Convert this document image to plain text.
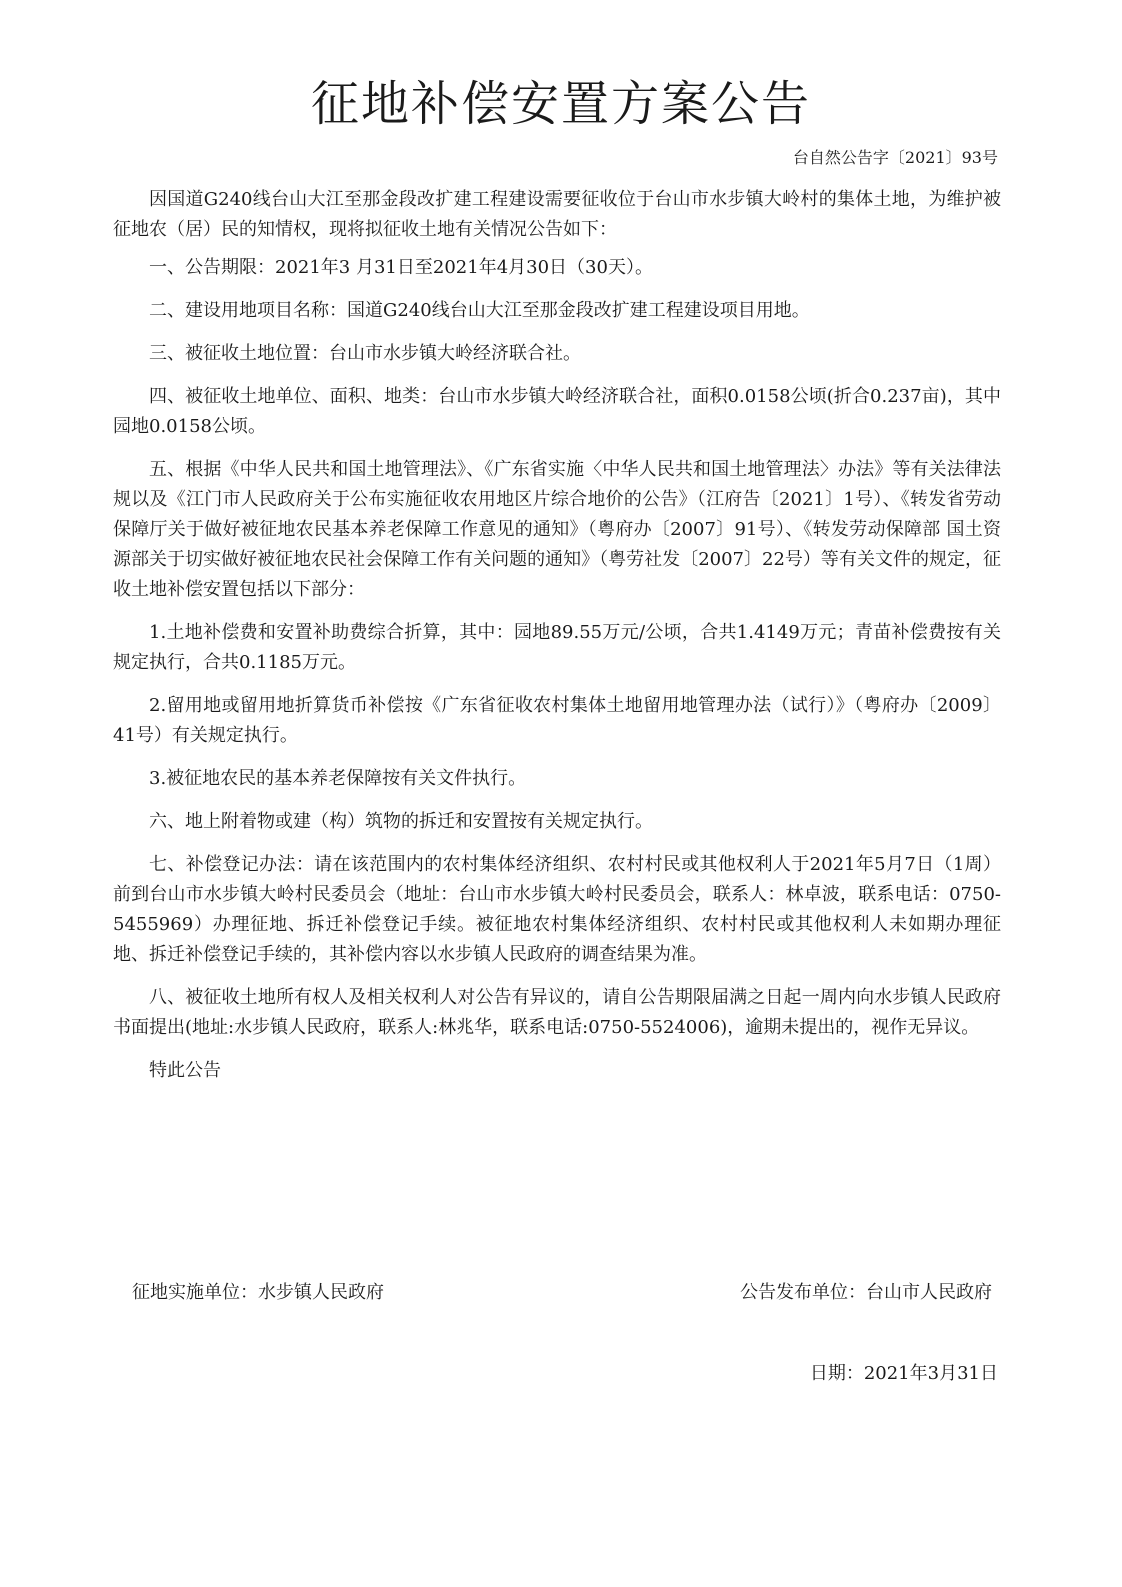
征地补偿安置方案公告
台自然公告字〔2021〕93号

因国道G240线台山大江至那金段改扩建工程建设需要征收位于台山市水步镇大岭村的集体土地，为维护被征地农（居）民的知情权，现将拟征收土地有关情况公告如下：

一、公告期限：2021年3 月31日至2021年4月30日（30天）。

二、建设用地项目名称：国道G240线台山大江至那金段改扩建工程建设项目用地。

三、被征收土地位置：台山市水步镇大岭经济联合社。

四、被征收土地单位、面积、地类：台山市水步镇大岭经济联合社，面积0.0158公顷(折合0.237亩)，其中园地0.0158公顷。

五、根据《中华人民共和国土地管理法》、《广东省实施〈中华人民共和国土地管理法〉办法》等有关法律法规以及《江门市人民政府关于公布实施征收农用地区片综合地价的公告》（江府告〔2021〕1号）、《转发省劳动保障厅关于做好被征地农民基本养老保障工作意见的通知》（粤府办〔2007〕91号）、《转发劳动保障部 国土资源部关于切实做好被征地农民社会保障工作有关问题的通知》（粤劳社发〔2007〕22号）等有关文件的规定，征收土地补偿安置包括以下部分：

1.土地补偿费和安置补助费综合折算，其中：园地89.55万元/公顷，合共1.4149万元；青苗补偿费按有关规定执行，合共0.1185万元。

2.留用地或留用地折算货币补偿按《广东省征收农村集体土地留用地管理办法（试行）》（粤府办〔2009〕41号）有关规定执行。

3.被征地农民的基本养老保障按有关文件执行。

六、地上附着物或建（构）筑物的拆迁和安置按有关规定执行。

七、补偿登记办法：请在该范围内的农村集体经济组织、农村村民或其他权利人于2021年5月7日（1周）前到台山市水步镇大岭村民委员会（地址：台山市水步镇大岭村民委员会，联系人：林卓波，联系电话：0750-5455969）办理征地、拆迁补偿登记手续。被征地农村集体经济组织、农村村民或其他权利人未如期办理征地、拆迁补偿登记手续的，其补偿内容以水步镇人民政府的调查结果为准。

八、被征收土地所有权人及相关权利人对公告有异议的，请自公告期限届满之日起一周内向水步镇人民政府书面提出(地址:水步镇人民政府，联系人:林兆华，联系电话:0750-5524006)，逾期未提出的，视作无异议。

特此公告

征地实施单位：水步镇人民政府	公告发布单位：台山市人民政府
日期：2021年3月31日
